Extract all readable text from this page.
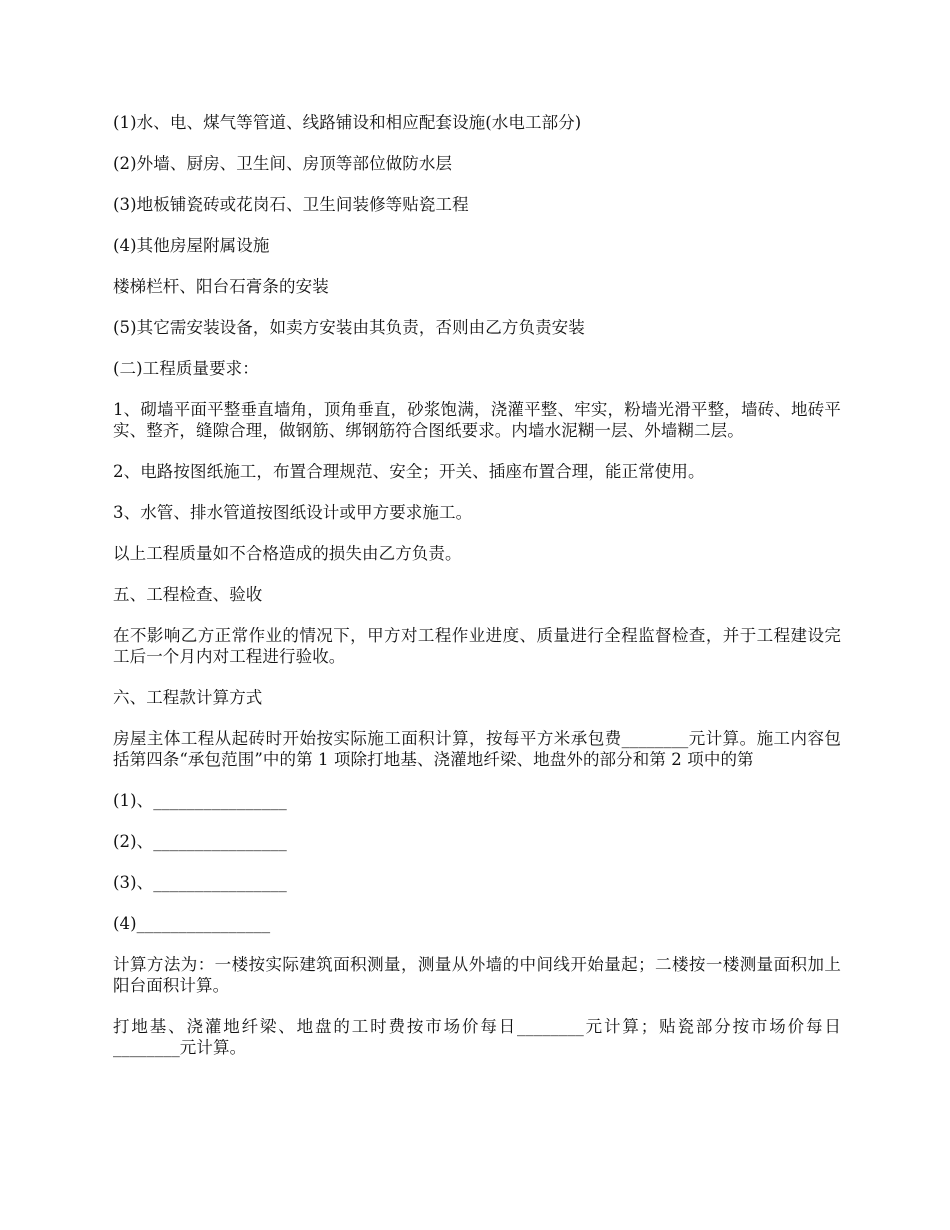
(1)水、电、煤气等管道、线路铺设和相应配套设施(水电工部分)

(2)外墙、厨房、卫生间、房顶等部位做防水层

(3)地板铺瓷砖或花岗石、卫生间装修等贴瓷工程

(4)其他房屋附属设施

楼梯栏杆、阳台石膏条的安装

(5)其它需安装设备，如卖方安装由其负责，否则由乙方负责安装

(二)工程质量要求：

1、砌墙平面平整垂直墙角，顶角垂直，砂浆饱满，浇灌平整、牢实，粉墙光滑平整，墙砖、地砖平实、整齐，缝隙合理，做钢筋、绑钢筋符合图纸要求。内墙水泥糊一层、外墙糊二层。

2、电路按图纸施工，布置合理规范、安全；开关、插座布置合理，能正常使用。

3、水管、排水管道按图纸设计或甲方要求施工。

以上工程质量如不合格造成的损失由乙方负责。

五、工程检查、验收

在不影响乙方正常作业的情况下，甲方对工程作业进度、质量进行全程监督检查，并于工程建设完工后一个月内对工程进行验收。

六、工程款计算方式

房屋主体工程从起砖时开始按实际施工面积计算，按每平方米承包费________元计算。施工内容包括第四条“承包范围”中的第 1 项除打地基、浇灌地纤梁、地盘外的部分和第 2 项中的第

(1)、________________

(2)、________________

(3)、________________

(4)________________

计算方法为：一楼按实际建筑面积测量，测量从外墙的中间线开始量起；二楼按一楼测量面积加上阳台面积计算。

打地基、浇灌地纤梁、地盘的工时费按市场价每日________元计算；贴瓷部分按市场价每日________元计算。
